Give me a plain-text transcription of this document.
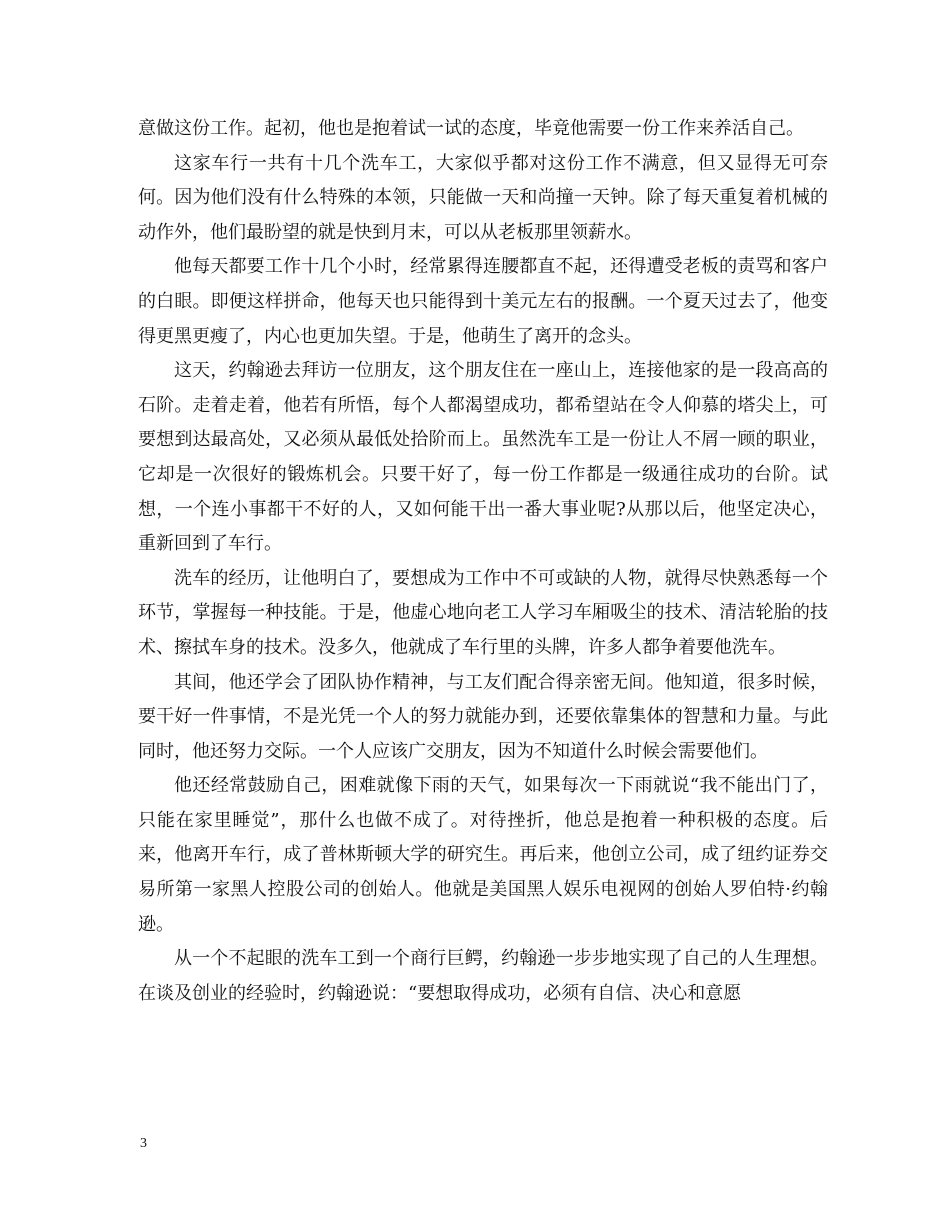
意做这份工作。起初，他也是抱着试一试的态度，毕竟他需要一份工作来养活自己。

这家车行一共有十几个洗车工，大家似乎都对这份工作不满意，但又显得无可奈何。因为他们没有什么特殊的本领，只能做一天和尚撞一天钟。除了每天重复着机械的动作外，他们最盼望的就是快到月末，可以从老板那里领薪水。

他每天都要工作十几个小时，经常累得连腰都直不起，还得遭受老板的责骂和客户的白眼。即便这样拼命，他每天也只能得到十美元左右的报酬。一个夏天过去了，他变得更黑更瘦了，内心也更加失望。于是，他萌生了离开的念头。

这天，约翰逊去拜访一位朋友，这个朋友住在一座山上，连接他家的是一段高高的石阶。走着走着，他若有所悟，每个人都渴望成功，都希望站在令人仰慕的塔尖上，可要想到达最高处，又必须从最低处拾阶而上。虽然洗车工是一份让人不屑一顾的职业，它却是一次很好的锻炼机会。只要干好了，每一份工作都是一级通往成功的台阶。试想，一个连小事都干不好的人，又如何能干出一番大事业呢?从那以后，他坚定决心，重新回到了车行。

洗车的经历，让他明白了，要想成为工作中不可或缺的人物，就得尽快熟悉每一个环节，掌握每一种技能。于是，他虚心地向老工人学习车厢吸尘的技术、清洁轮胎的技术、擦拭车身的技术。没多久，他就成了车行里的头牌，许多人都争着要他洗车。

其间，他还学会了团队协作精神，与工友们配合得亲密无间。他知道，很多时候，要干好一件事情，不是光凭一个人的努力就能办到，还要依靠集体的智慧和力量。与此同时，他还努力交际。一个人应该广交朋友，因为不知道什么时候会需要他们。

他还经常鼓励自己，困难就像下雨的天气，如果每次一下雨就说“我不能出门了，只能在家里睡觉”，那什么也做不成了。对待挫折，他总是抱着一种积极的态度。后来，他离开车行，成了普林斯顿大学的研究生。再后来，他创立公司，成了纽约证券交易所第一家黑人控股公司的创始人。他就是美国黑人娱乐电视网的创始人罗伯特·约翰逊。

从一个不起眼的洗车工到一个商行巨鳄，约翰逊一步步地实现了自己的人生理想。在谈及创业的经验时，约翰逊说：“要想取得成功，必须有自信、决心和意愿

3
